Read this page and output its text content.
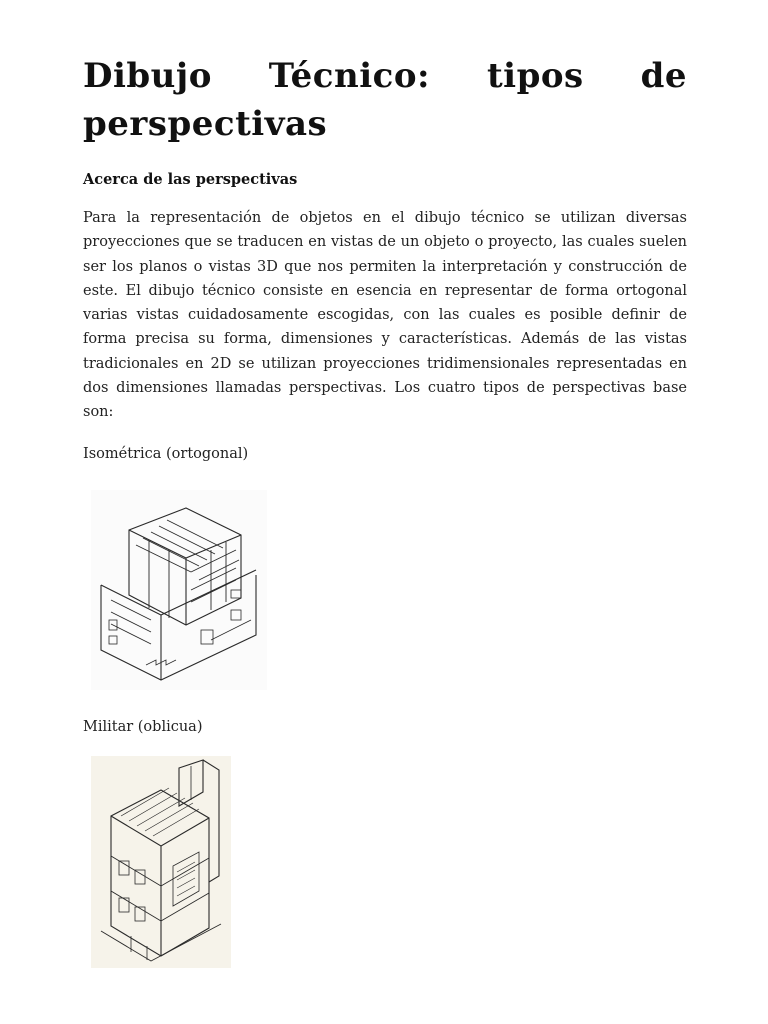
Dibujo Técnico: tipos de perspectivas
Acerca de las perspectivas

Para la representación de objetos en el dibujo técnico se utilizan diversas proyecciones que se traducen en vistas de un objeto o proyecto, las cuales suelen ser los planos o vistas 3D que nos permiten la interpretación y construcción de este. El dibujo técnico consiste en esencia en representar de forma ortogonal varias vistas cuidadosamente escogidas, con las cuales es posible definir de forma precisa su forma, dimensiones y características. Además de las vistas tradicionales en 2D se utilizan proyecciones tridimensionales representadas en dos dimensiones llamadas perspectivas. Los cuatro tipos de perspectivas base son:

Isométrica (ortogonal)
Militar (oblicua)
